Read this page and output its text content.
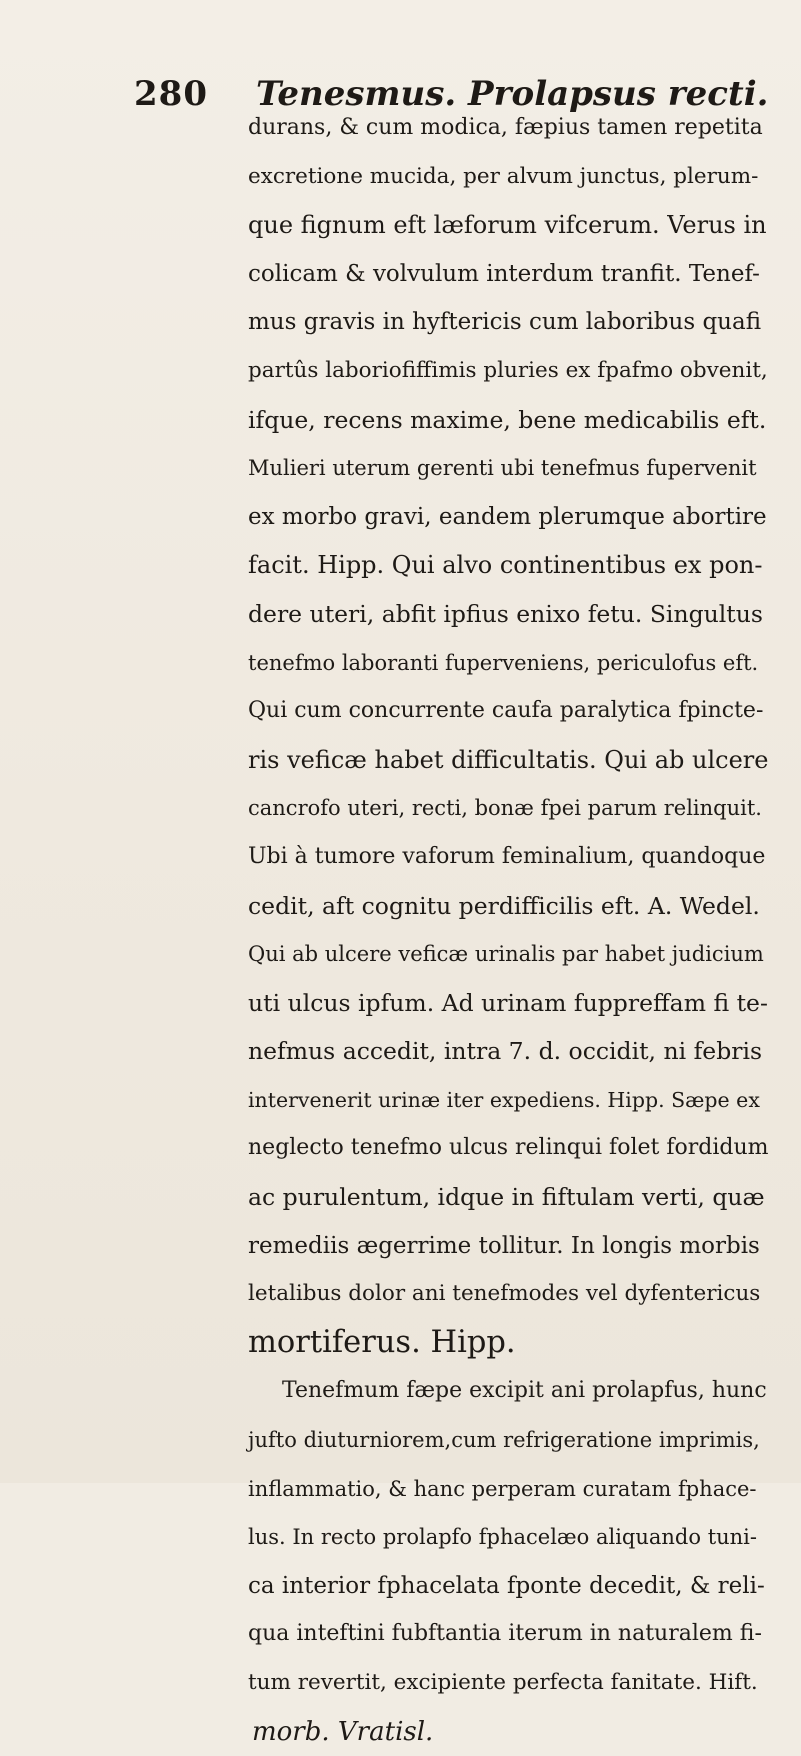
280 Tenesmus. Prolapsus recti.
durans, & cum modica, fæpius tamen repetita
excretione mucida, per alvum junctus, plerum-
que fignum eft læforum vifcerum. Verus in
colicam & volvulum interdum tranfit. Tenef-
mus gravis in hyftericis cum laboribus quafi
partûs laboriofiffimis pluries ex fpafmo obvenit,
ifque, recens maxime, bene medicabilis eft.
Mulieri uterum gerenti ubi tenefmus fupervenit
ex morbo gravi, eandem plerumque abortire
facit. Hipp. Qui alvo continentibus ex pon-
dere uteri, abfit ipfius enixo fetu. Singultus
tenefmo laboranti fuperveniens, periculofus eft.
Qui cum concurrente caufa paralytica fpincte-
ris veficæ habet difficultatis. Qui ab ulcere
cancrofo uteri, recti, bonæ fpei parum relinquit.
Ubi à tumore vaforum feminalium, quandoque
cedit, aft cognitu perdifficilis eft. A. Wedel.
Qui ab ulcere veficæ urinalis par habet judicium
uti ulcus ipfum. Ad urinam fuppreffam fi te-
nefmus accedit, intra 7. d. occidit, ni febris
intervenerit urinæ iter expediens. Hipp. Sæpe ex
neglecto tenefmo ulcus relinqui folet fordidum
ac purulentum, idque in fiftulam verti, quæ
remediis ægerrime tollitur. In longis morbis
letalibus dolor ani tenefmodes vel dyfentericus
mortiferus. Hipp.
Tenefmum fæpe excipit ani prolapfus, hunc
jufto diuturniorem,cum refrigeratione imprimis,
inflammatio, & hanc perperam curatam fphace-
lus. In recto prolapfo fphacelæo aliquando tuni-
ca interior fphacelata fponte decedit, & reli-
qua inteftini fubftantia iterum in naturalem fi-
tum revertit, excipiente perfecta fanitate. Hift.
morb. Vratisl.
